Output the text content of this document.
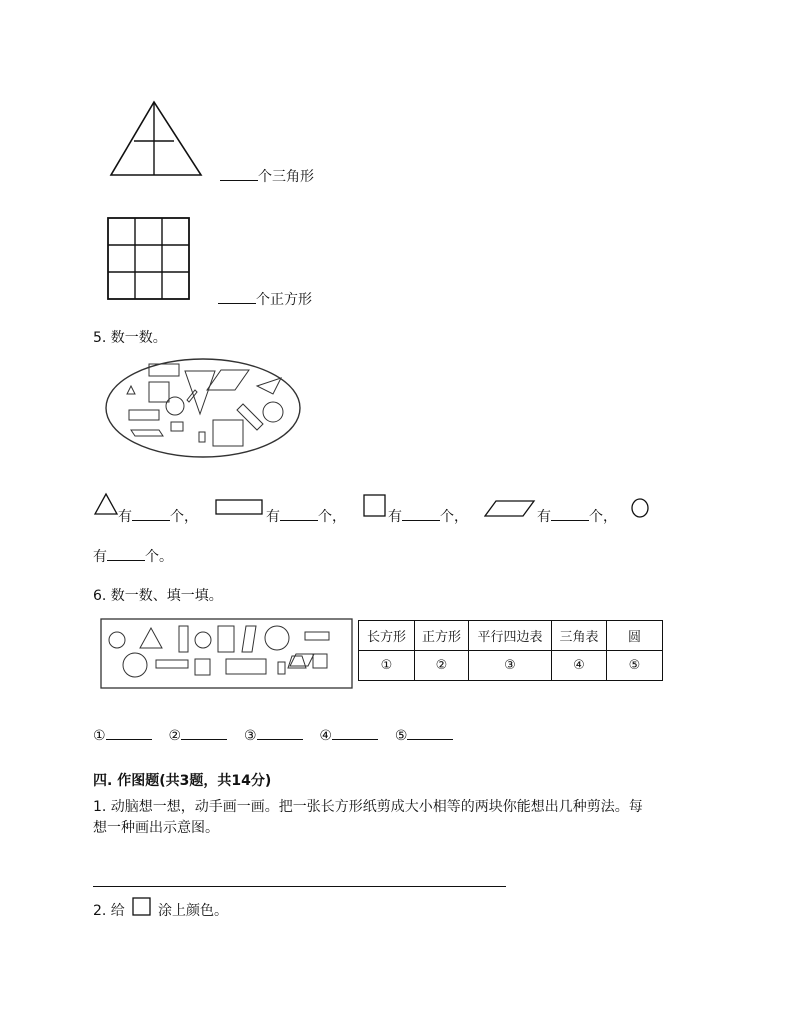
个三角形
个正方形
5. 数一数。
有	个，	有	个，	有	个，	有	个，
有	个。
6. 数一数、填一填。
长方形	正方形	平行四边表	三角表	圆
①	②	③	④	⑤
①	②	③	④	⑤
四. 作图题(共3题，共14分)
1. 动脑想一想，动手画一画。把一张长方形纸剪成大小相等的两块你能想出几种剪法。每
想一种画出示意图。
2. 给 涂上颜色。
